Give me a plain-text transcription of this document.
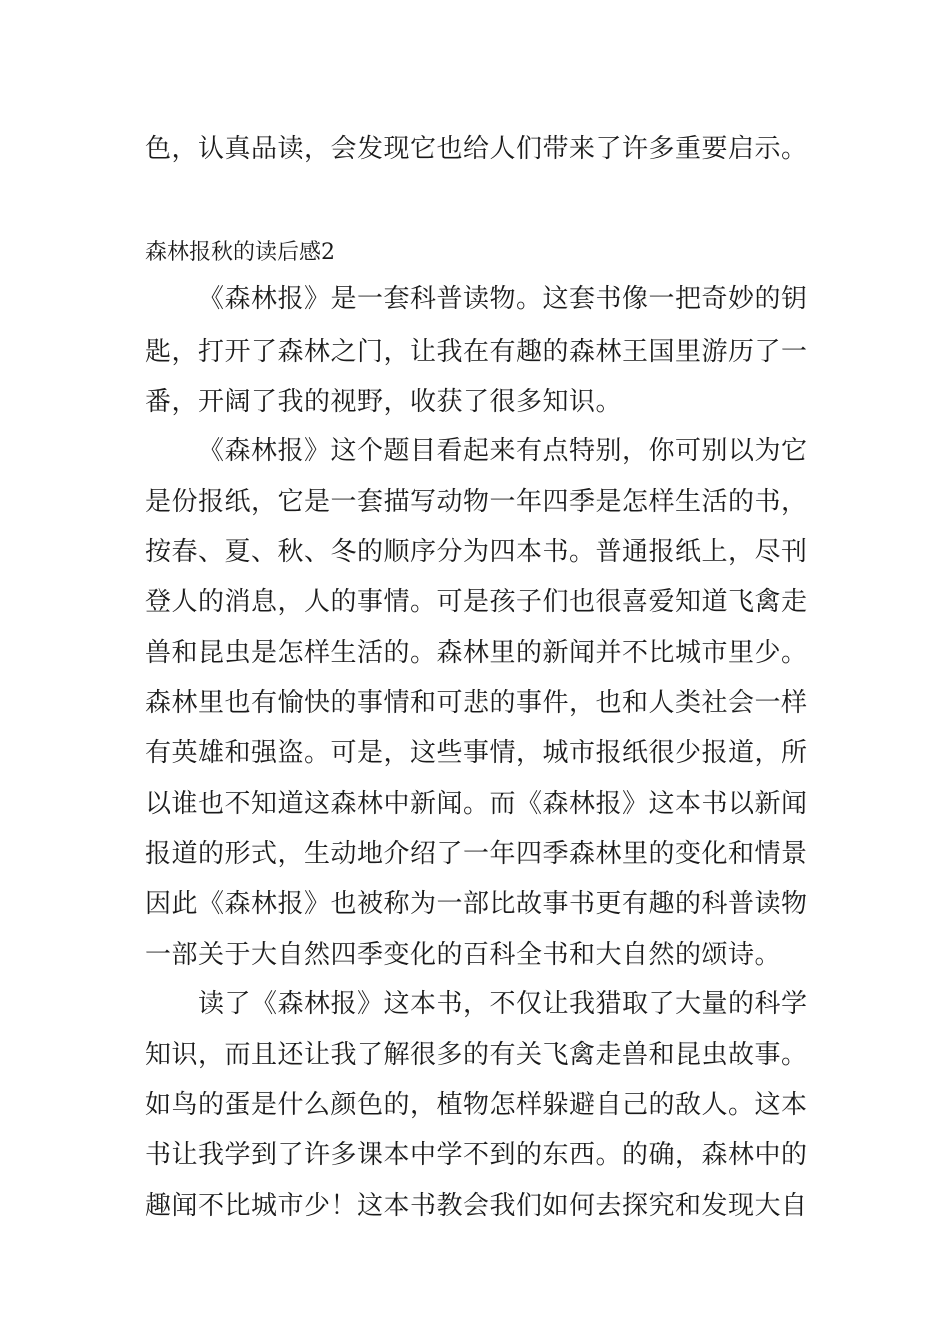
色，认真品读，会发现它也给人们带来了许多重要启示。
森林报秋的读后感2
《森林报》是一套科普读物。这套书像一把奇妙的钥
匙，打开了森林之门，让我在有趣的森林王国里游历了一
番，开阔了我的视野，收获了很多知识。
《森林报》这个题目看起来有点特别，你可别以为它
是份报纸，它是一套描写动物一年四季是怎样生活的书，
按春、夏、秋、冬的顺序分为四本书。普通报纸上，尽刊
登人的消息，人的事情。可是孩子们也很喜爱知道飞禽走
兽和昆虫是怎样生活的。森林里的新闻并不比城市里少。
森林里也有愉快的事情和可悲的事件，也和人类社会一样
有英雄和强盗。可是，这些事情，城市报纸很少报道，所
以谁也不知道这森林中新闻。而《森林报》这本书以新闻
报道的形式，生动地介绍了一年四季森林里的变化和情景
因此《森林报》也被称为一部比故事书更有趣的科普读物
一部关于大自然四季变化的百科全书和大自然的颂诗。
读了《森林报》这本书，不仅让我猎取了大量的科学
知识，而且还让我了解很多的有关飞禽走兽和昆虫故事。
如鸟的蛋是什么颜色的，植物怎样躲避自己的敌人。这本
书让我学到了许多课本中学不到的东西。的确，森林中的
趣闻不比城市少！这本书教会我们如何去探究和发现大自
